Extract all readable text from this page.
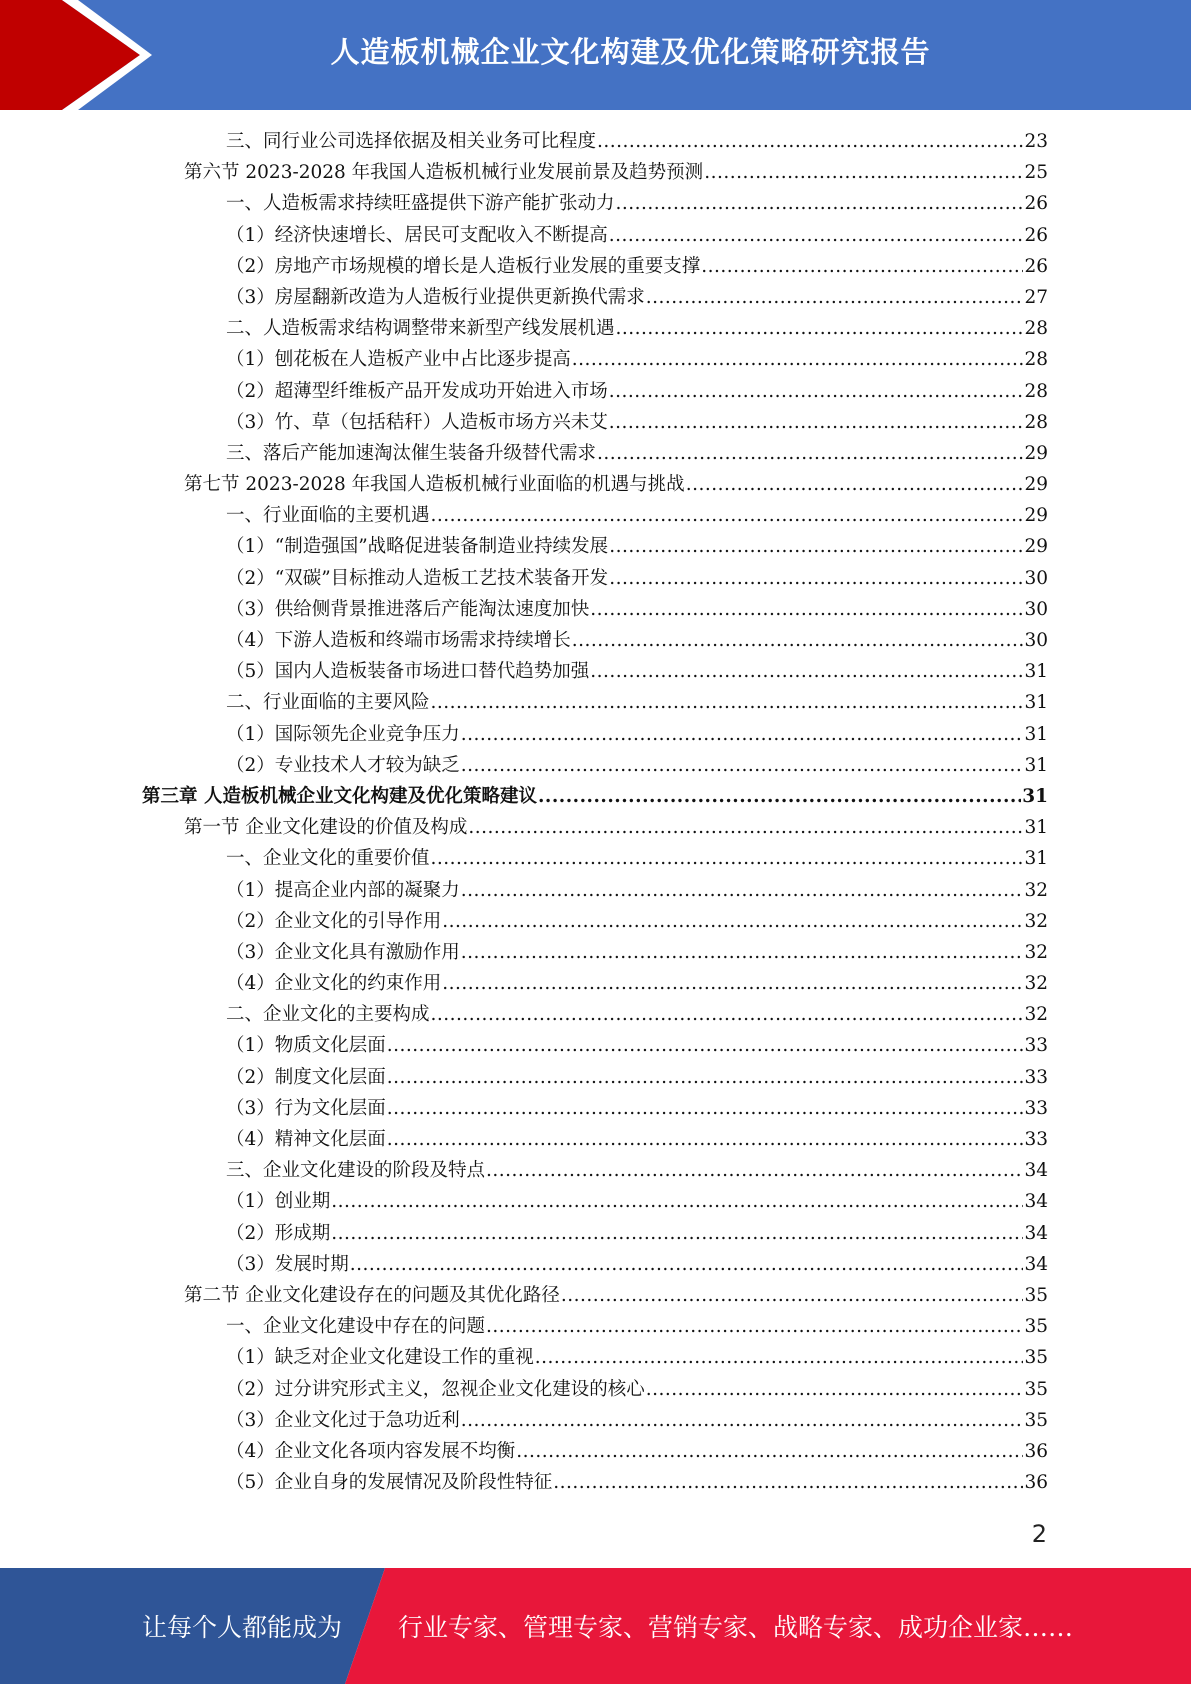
人造板机械企业文化构建及优化策略研究报告
三、同行业公司选择依据及相关业务可比程度 .....	23
第六节 2023-2028 年我国人造板机械行业发展前景及趋势预测 .....	25
一、人造板需求持续旺盛提供下游产能扩张动力 .....	26
（1）经济快速增长、居民可支配收入不断提高 .....	26
（2）房地产市场规模的增长是人造板行业发展的重要支撑 .....	26
（3）房屋翻新改造为人造板行业提供更新换代需求 .....	27
二、人造板需求结构调整带来新型产线发展机遇 .....	28
（1）刨花板在人造板产业中占比逐步提高 .....	28
（2）超薄型纤维板产品开发成功开始进入市场 .....	28
（3）竹、草（包括秸秆）人造板市场方兴未艾 .....	28
三、落后产能加速淘汰催生装备升级替代需求 .....	29
第七节 2023-2028 年我国人造板机械行业面临的机遇与挑战 .....	29
一、行业面临的主要机遇 .....	29
（1）“制造强国”战略促进装备制造业持续发展 .....	29
（2）“双碳”目标推动人造板工艺技术装备开发 .....	30
（3）供给侧背景推进落后产能淘汰速度加快 .....	30
（4）下游人造板和终端市场需求持续增长 .....	30
（5）国内人造板装备市场进口替代趋势加强 .....	31
二、行业面临的主要风险 .....	31
（1）国际领先企业竞争压力 .....	31
（2）专业技术人才较为缺乏 .....	31
第三章 人造板机械企业文化构建及优化策略建议 .....	31
第一节 企业文化建设的价值及构成 .....	31
一、企业文化的重要价值 .....	31
（1）提高企业内部的凝聚力 .....	32
（2）企业文化的引导作用 .....	32
（3）企业文化具有激励作用 .....	32
（4）企业文化的约束作用 .....	32
二、企业文化的主要构成 .....	32
（1）物质文化层面 .....	33
（2）制度文化层面 .....	33
（3）行为文化层面 .....	33
（4）精神文化层面 .....	33
三、企业文化建设的阶段及特点 .....	34
（1）创业期 .....	34
（2）形成期 .....	34
（3）发展时期 .....	34
第二节 企业文化建设存在的问题及其优化路径 .....	35
一、企业文化建设中存在的问题 .....	35
（1）缺乏对企业文化建设工作的重视 .....	35
（2）过分讲究形式主义，忽视企业文化建设的核心 .....	35
（3）企业文化过于急功近利 .....	35
（4）企业文化各项内容发展不均衡 .....	36
（5）企业自身的发展情况及阶段性特征 .....	36
2
让每个人都能成为 行业专家、管理专家、营销专家、战略专家、成功企业家……
